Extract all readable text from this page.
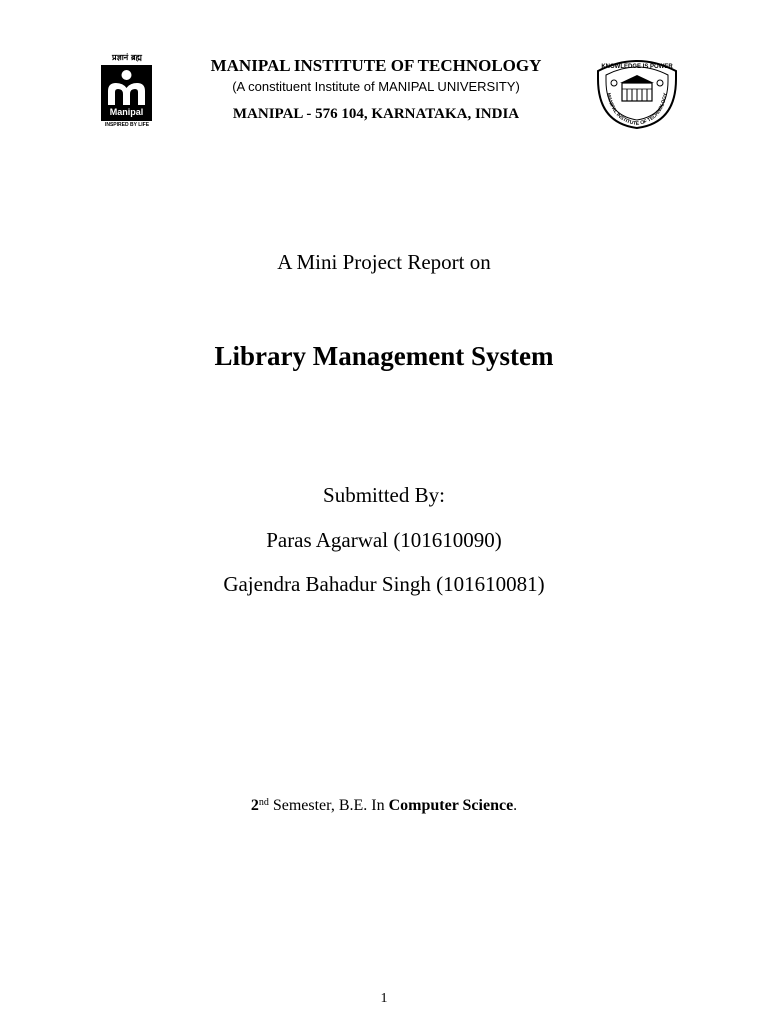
प्रज्ञानं ब्रह्म
Manipal
INSPIRED BY LIFE
MANIPAL INSTITUTE OF TECHNOLOGY
(A constituent Institute of MANIPAL UNIVERSITY)
MANIPAL - 576 104, KARNATAKA, INDIA
KNOWLEDGE IS POWER
MANIPAL INSTITUTE OF TECHNOLOGY
A Mini Project Report on
Library Management System
Submitted By:
Paras Agarwal (101610090)
Gajendra Bahadur Singh (101610081)
2nd Semester, B.E. In Computer Science.
1
